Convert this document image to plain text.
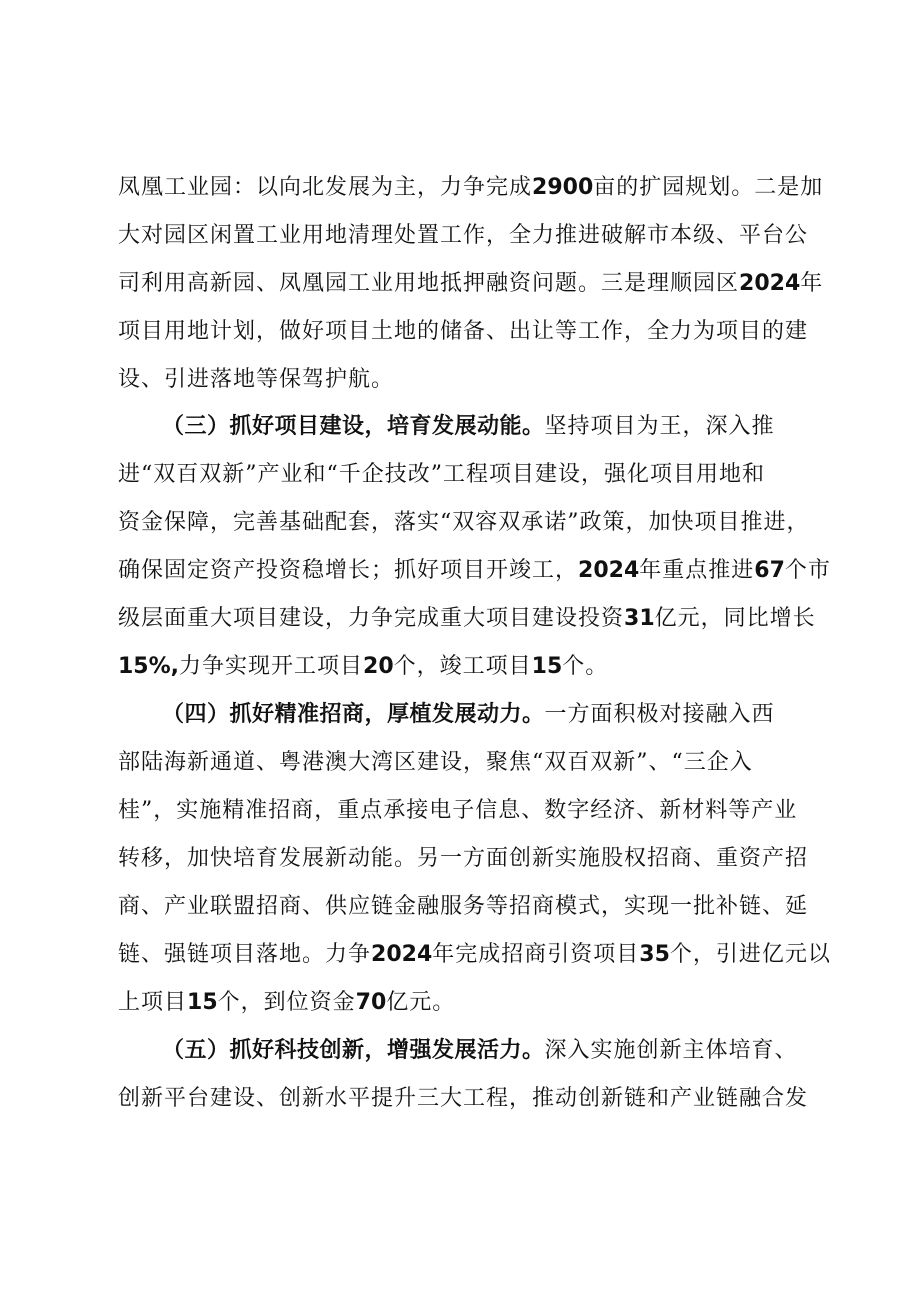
凤凰工业园：以向北发展为主，力争完成2900亩的扩园规划。二是加
大对园区闲置工业用地清理处置工作，全力推进破解市本级、平台公
司利用高新园、凤凰园工业用地抵押融资问题。三是理顺园区2024年
项目用地计划，做好项目土地的储备、出让等工作，全力为项目的建
设、引进落地等保驾护航。
（三）抓好项目建设，培育发展动能。坚持项目为王，深入推
进“双百双新”产业和“千企技改”工程项目建设，强化项目用地和
资金保障，完善基础配套，落实“双容双承诺”政策，加快项目推进，
确保固定资产投资稳增长；抓好项目开竣工，2024年重点推进67个市
级层面重大项目建设，力争完成重大项目建设投资31亿元，同比增长
15%,力争实现开工项目20个，竣工项目15个。
（四）抓好精准招商，厚植发展动力。一方面积极对接融入西
部陆海新通道、粤港澳大湾区建设，聚焦“双百双新”、“三企入
桂”，实施精准招商，重点承接电子信息、数字经济、新材料等产业
转移，加快培育发展新动能。另一方面创新实施股权招商、重资产招
商、产业联盟招商、供应链金融服务等招商模式，实现一批补链、延
链、强链项目落地。力争2024年完成招商引资项目35个，引进亿元以
上项目15个，到位资金70亿元。
（五）抓好科技创新，增强发展活力。深入实施创新主体培育、
创新平台建设、创新水平提升三大工程，推动创新链和产业链融合发
